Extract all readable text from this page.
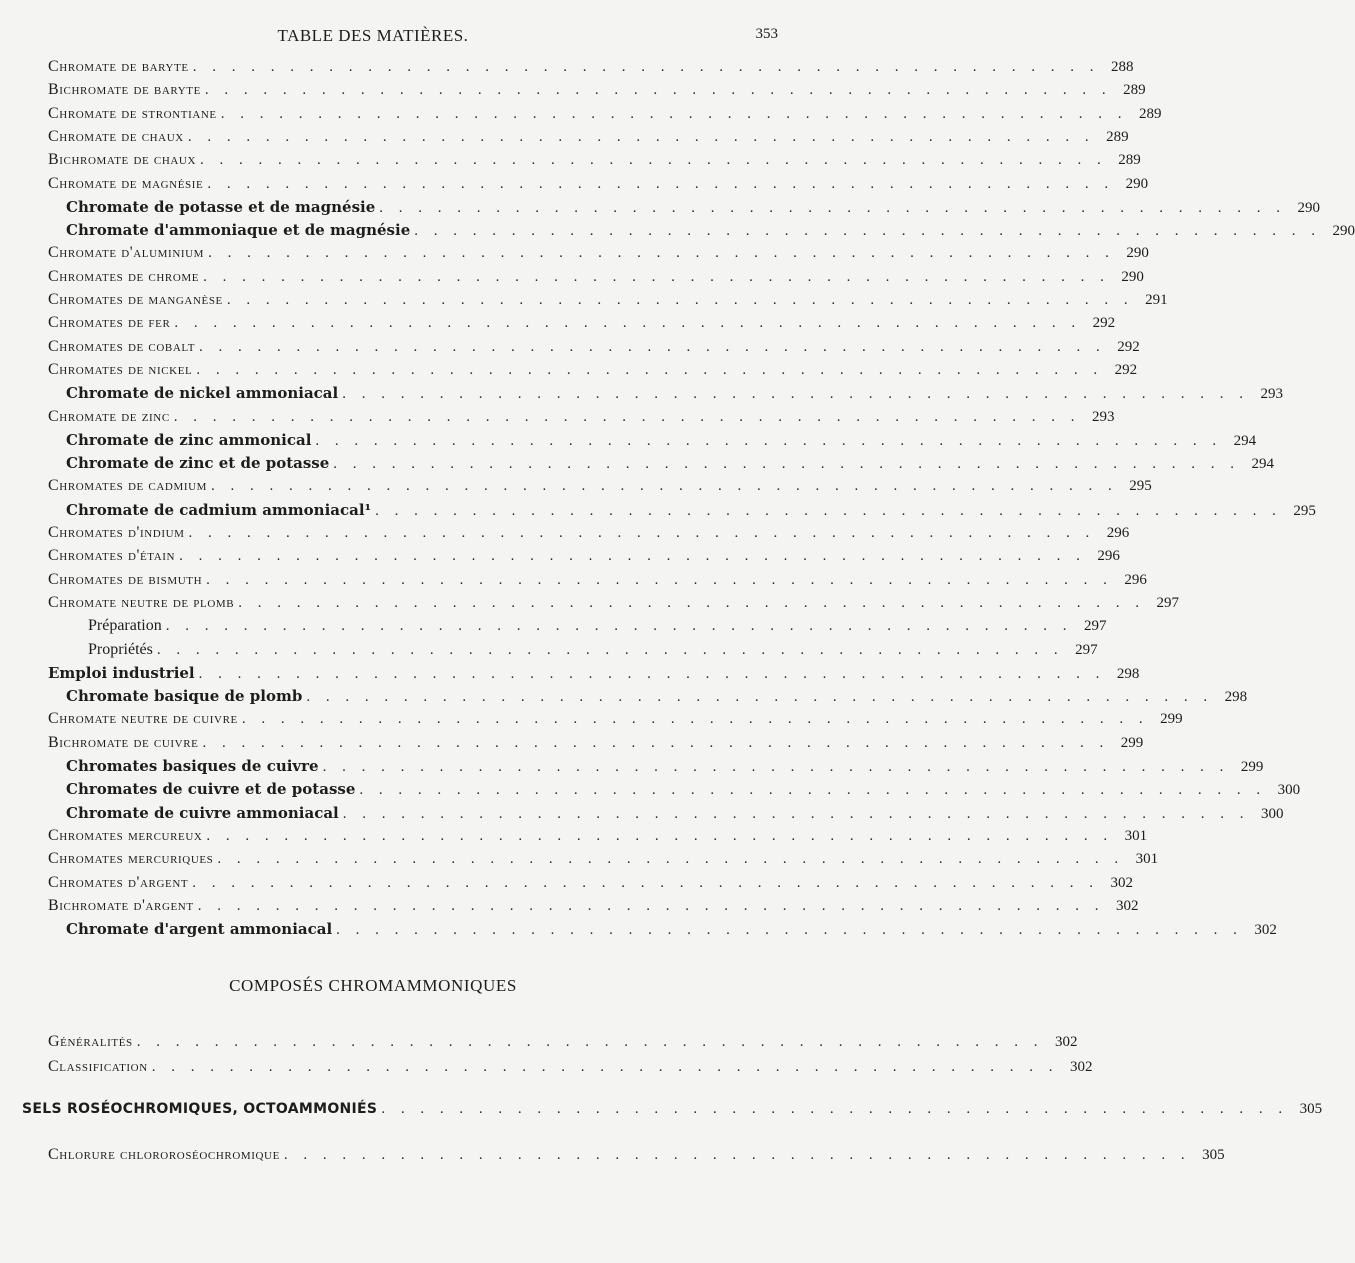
TABLE DES MATIÈRES.	353
Chromate de baryte . . . . . . . . . . . . . . . . . . . . . . . . . . . . . . . . . . . . . . . . . . . . . . . 288
Bichromate de baryte . . . . . . . . . . . . . . . . . . . . . . . . . . . . . . . . . . . . . . . . . . . . . . . 289
Chromate de strontiane . . . . . . . . . . . . . . . . . . . . . . . . . . . . . . . . . . . . . . . . . . . . . . . 289
Chromate de chaux . . . . . . . . . . . . . . . . . . . . . . . . . . . . . . . . . . . . . . . . . . . . . . . 289
Bichromate de chaux . . . . . . . . . . . . . . . . . . . . . . . . . . . . . . . . . . . . . . . . . . . . . . . 289
Chromate de magnésie . . . . . . . . . . . . . . . . . . . . . . . . . . . . . . . . . . . . . . . . . . . . . . . 290
Chromate de potasse et de magnésie . . . . . . . . . . . . . . . . . . . . . . . . . . . . . . . . . . . . . . . . . . . . . . . 290
Chromate d'ammoniaque et de magnésie . . . . . . . . . . . . . . . . . . . . . . . . . . . . . . . . . . . . . . . . . . . . . . . 290
Chromate d'aluminium . . . . . . . . . . . . . . . . . . . . . . . . . . . . . . . . . . . . . . . . . . . . . . . 290
Chromates de chrome . . . . . . . . . . . . . . . . . . . . . . . . . . . . . . . . . . . . . . . . . . . . . . . 290
Chromates de manganèse . . . . . . . . . . . . . . . . . . . . . . . . . . . . . . . . . . . . . . . . . . . . . . . 291
Chromates de fer . . . . . . . . . . . . . . . . . . . . . . . . . . . . . . . . . . . . . . . . . . . . . . . 292
Chromates de cobalt . . . . . . . . . . . . . . . . . . . . . . . . . . . . . . . . . . . . . . . . . . . . . . . 292
Chromates de nickel . . . . . . . . . . . . . . . . . . . . . . . . . . . . . . . . . . . . . . . . . . . . . . . 292
Chromate de nickel ammoniacal . . . . . . . . . . . . . . . . . . . . . . . . . . . . . . . . . . . . . . . . . . . . . . . 293
Chromate de zinc . . . . . . . . . . . . . . . . . . . . . . . . . . . . . . . . . . . . . . . . . . . . . . . 293
Chromate de zinc ammonical . . . . . . . . . . . . . . . . . . . . . . . . . . . . . . . . . . . . . . . . . . . . . . . 294
Chromate de zinc et de potasse . . . . . . . . . . . . . . . . . . . . . . . . . . . . . . . . . . . . . . . . . . . . . . . 294
Chromates de cadmium . . . . . . . . . . . . . . . . . . . . . . . . . . . . . . . . . . . . . . . . . . . . . . . 295
Chromate de cadmium ammoniacal¹ . . . . . . . . . . . . . . . . . . . . . . . . . . . . . . . . . . . . . . . . . . . . . . . 295
Chromates d'indium . . . . . . . . . . . . . . . . . . . . . . . . . . . . . . . . . . . . . . . . . . . . . . . 296
Chromates d'étain . . . . . . . . . . . . . . . . . . . . . . . . . . . . . . . . . . . . . . . . . . . . . . . 296
Chromates de bismuth . . . . . . . . . . . . . . . . . . . . . . . . . . . . . . . . . . . . . . . . . . . . . . . 296
Chromate neutre de plomb . . . . . . . . . . . . . . . . . . . . . . . . . . . . . . . . . . . . . . . . . . . . . . . 297
Préparation . . . . . . . . . . . . . . . . . . . . . . . . . . . . . . . . . . . . . . . . . . . . . . . 297
Propriétés . . . . . . . . . . . . . . . . . . . . . . . . . . . . . . . . . . . . . . . . . . . . . . . 297
Emploi industriel . . . . . . . . . . . . . . . . . . . . . . . . . . . . . . . . . . . . . . . . . . . . . . . 298
Chromate basique de plomb . . . . . . . . . . . . . . . . . . . . . . . . . . . . . . . . . . . . . . . . . . . . . . . 298
Chromate neutre de cuivre . . . . . . . . . . . . . . . . . . . . . . . . . . . . . . . . . . . . . . . . . . . . . . . 299
Bichromate de cuivre . . . . . . . . . . . . . . . . . . . . . . . . . . . . . . . . . . . . . . . . . . . . . . . 299
Chromates basiques de cuivre . . . . . . . . . . . . . . . . . . . . . . . . . . . . . . . . . . . . . . . . . . . . . . . 299
Chromates de cuivre et de potasse . . . . . . . . . . . . . . . . . . . . . . . . . . . . . . . . . . . . . . . . . . . . . . . 300
Chromate de cuivre ammoniacal . . . . . . . . . . . . . . . . . . . . . . . . . . . . . . . . . . . . . . . . . . . . . . . 300
Chromates mercureux . . . . . . . . . . . . . . . . . . . . . . . . . . . . . . . . . . . . . . . . . . . . . . . 301
Chromates mercuriques . . . . . . . . . . . . . . . . . . . . . . . . . . . . . . . . . . . . . . . . . . . . . . . 301
Chromates d'argent . . . . . . . . . . . . . . . . . . . . . . . . . . . . . . . . . . . . . . . . . . . . . . . 302
Bichromate d'argent . . . . . . . . . . . . . . . . . . . . . . . . . . . . . . . . . . . . . . . . . . . . . . . 302
Chromate d'argent ammoniacal . . . . . . . . . . . . . . . . . . . . . . . . . . . . . . . . . . . . . . . . . . . . . . . 302
COMPOSÉS CHROMAMMONIQUES
Généralités . . . . . . . . . . . . . . . . . . . . . . . . . . . . . . . . . . . . . . . . . . . . . . . 302
Classification . . . . . . . . . . . . . . . . . . . . . . . . . . . . . . . . . . . . . . . . . . . . . . . 302
SELS ROSÉOCHROMIQUES, OCTOAMMONIÉS . . . . . . . . . . . . . . . . . . . . . . . . . . . . . . . . . . . . . . . . . . . . . . . 305
Chlorure chlororoséochromique . . . . . . . . . . . . . . . . . . . . . . . . . . . . . . . . . . . . . . . . . . . . . . . 305
